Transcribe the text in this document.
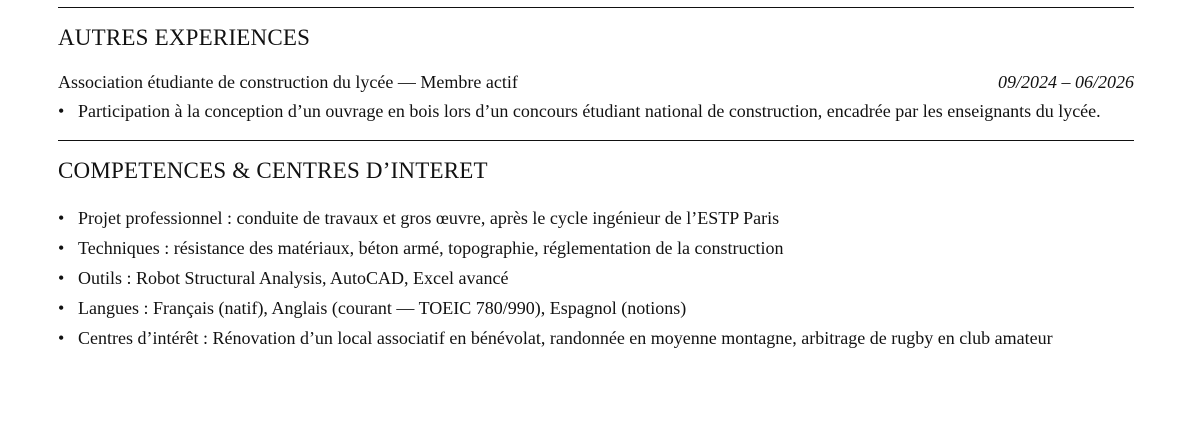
AUTRES EXPERIENCES
Association étudiante de construction du lycée — Membre actif	09/2024 – 06/2026
• Participation à la conception d’un ouvrage en bois lors d’un concours étudiant national de construction, encadrée par les enseignants du lycée.
COMPETENCES & CENTRES D’INTERET
• Projet professionnel : conduite de travaux et gros œuvre, après le cycle ingénieur de l’ESTP Paris
• Techniques : résistance des matériaux, béton armé, topographie, réglementation de la construction
• Outils : Robot Structural Analysis, AutoCAD, Excel avancé
• Langues : Français (natif), Anglais (courant — TOEIC 780/990), Espagnol (notions)
• Centres d’intérêt : Rénovation d’un local associatif en bénévolat, randonnée en moyenne montagne, arbitrage de rugby en club amateur
